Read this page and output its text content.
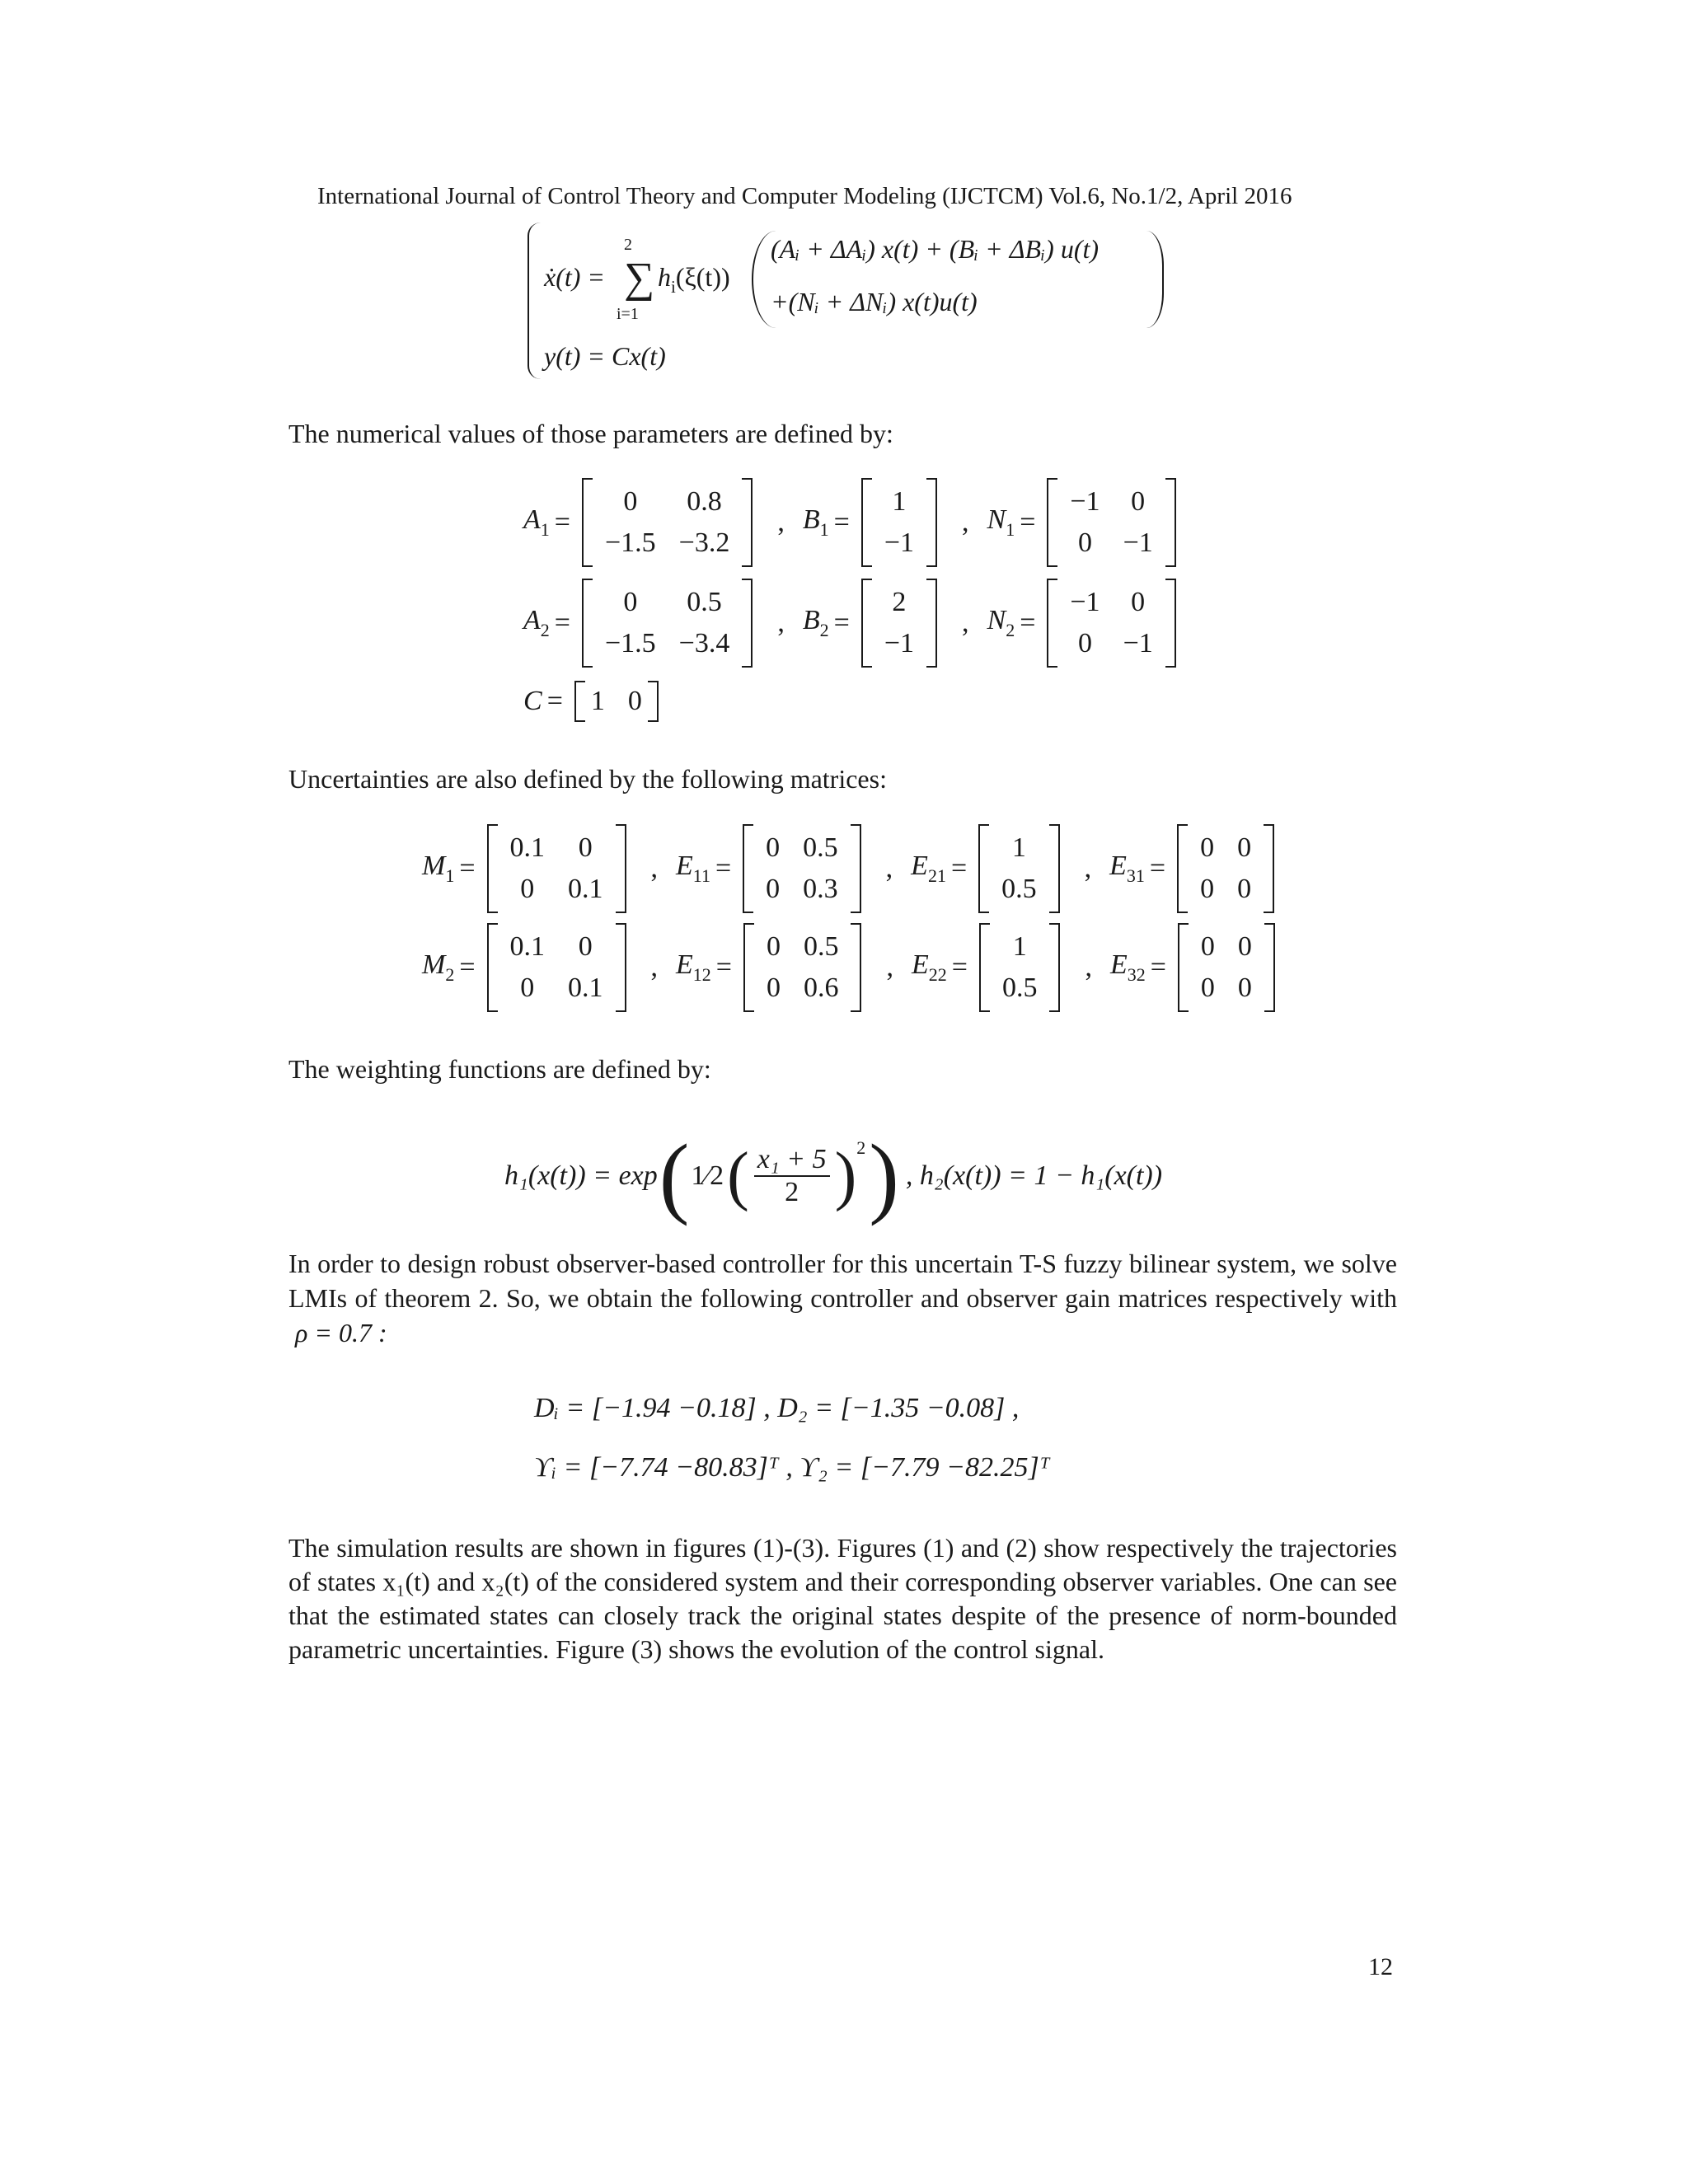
International Journal of Control Theory and Computer Modeling (IJCTCM) Vol.6, No.1/2, April 2016
ẋ(t) =
2
∑
i=1
$h_i(\xi(t))$
(Aᵢ + ΔAᵢ) x(t) + (Bᵢ + ΔBᵢ) u(t)
+(Nᵢ + ΔNᵢ) x(t)u(t)
y(t) = Cx(t)
The numerical values of those parameters are defined by:
$A_1$ =
0	0.8
−1.5	−3.2
, $B_1$ =
1
−1
, $N_1$ =
−1	0
0	−1
$A_2$ =
0	0.5
−1.5	−3.4
, $B_2$ =
2
−1
, $N_2$ =
−1	0
0	−1
C = 1	0
Uncertainties are also defined by the following matrices:
$M_1$ =
0.1	0
0	0.1
, $E_{11}$ =
0	0.5
0	0.3
, $E_{21}$ =
1
0.5
, $E_{31}$ =
0	0
0	0
$M_2$ =
0.1	0
0	0.1
, $E_{12}$ =
0	0.5
0	0.6
, $E_{22}$ =
1
0.5
, $E_{32}$ =
0	0
0	0
The weighting functions are defined by:
h₁(x(t)) = exp ( 1⁄2 ( $\frac{\text{x₁ + 5}}{2}$ ) 2 ) , h₂(x(t)) = 1 − h₁(x(t))
In order to design robust observer-based controller for this uncertain T-S fuzzy bilinear system, we solve LMIs of theorem 2. So, we obtain the following controller and observer gain matrices respectively with ρ = 0.7 :
Dᵢ = [−1.94 −0.18] , D₂ = [−1.35 −0.08] ,
ϒᵢ = [−7.74 −80.83]ᵀ , ϒ₂ = [−7.79 −82.25]ᵀ
The simulation results are shown in figures (1)-(3). Figures (1) and (2) show respectively the trajectories of states x₁(t) and x₂(t) of the considered system and their corresponding observer variables. One can see that the estimated states can closely track the original states despite of the presence of norm-bounded parametric uncertainties. Figure (3) shows the evolution of the control signal.
12
